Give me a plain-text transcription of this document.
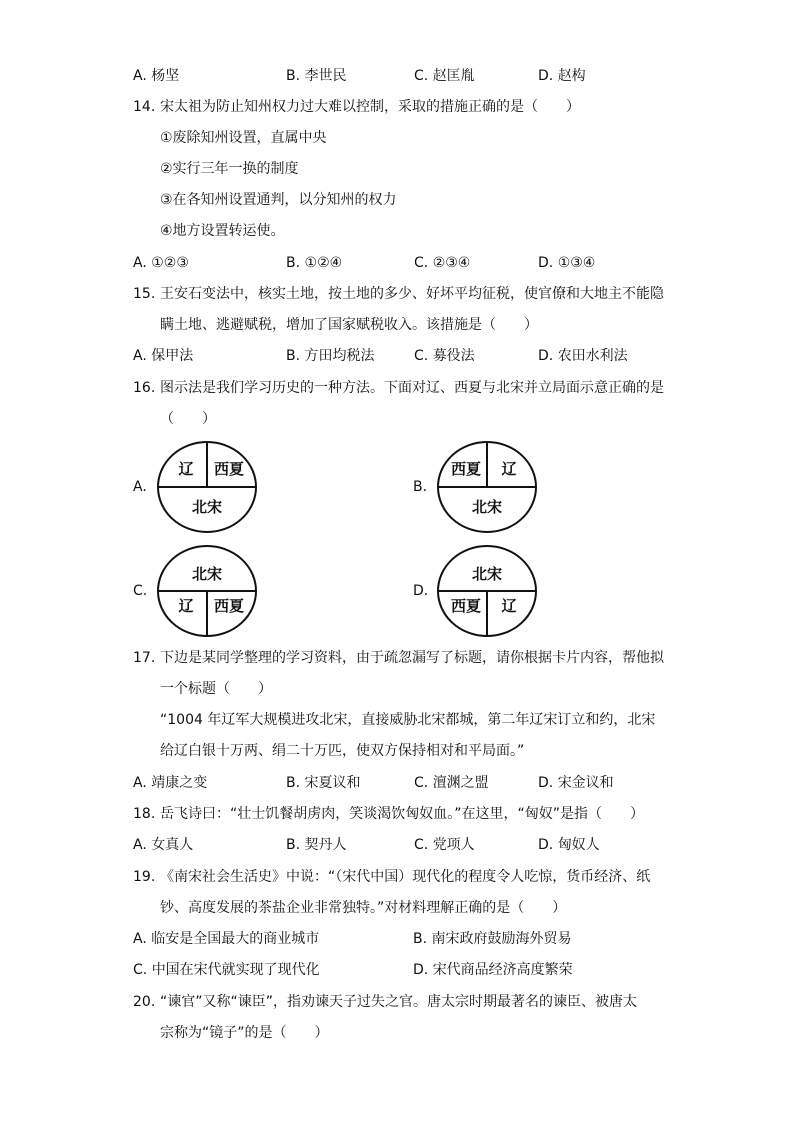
A. 杨坚	B. 李世民	C. 赵匡胤	D. 赵构
14. 宋太祖为防止知州权力过大难以控制，采取的措施正确的是（　　）
①废除知州设置，直属中央
②实行三年一换的制度
③在各知州设置通判，以分知州的权力
④地方设置转运使。
A. ①②③	B. ①②④	C. ②③④	D. ①③④
15. 王安石变法中，核实土地，按土地的多少、好坏平均征税，使官僚和大地主不能隐
瞒土地、逃避赋税，增加了国家赋税收入。该措施是（　　）
A. 保甲法	B. 方田均税法	C. 募役法	D. 农田水利法
16. 图示法是我们学习历史的一种方法。下面对辽、西夏与北宋并立局面示意正确的是
（　　）
A.
辽 西夏
北宋
B.
西夏 辽
北宋
C.
北宋
辽 西夏
D.
北宋
西夏 辽
17. 下边是某同学整理的学习资料，由于疏忽漏写了标题，请你根据卡片内容，帮他拟
一个标题（　　）
“1004 年辽军大规模进攻北宋，直接威胁北宋都城，第二年辽宋订立和约，北宋
给辽白银十万两、绢二十万匹，使双方保持相对和平局面。”
A. 靖康之变	B. 宋夏议和	C. 澶渊之盟	D. 宋金议和
18. 岳飞诗曰：“壮士饥餐胡虏肉，笑谈渴饮匈奴血。”在这里，“匈奴”是指（　　）
A. 女真人	B. 契丹人	C. 党项人	D. 匈奴人
19. 《南宋社会生活史》中说：“（宋代中国）现代化的程度令人吃惊，货币经济、纸
钞、高度发展的茶盐企业非常独特。”对材料理解正确的是（　　）
A. 临安是全国最大的商业城市	B. 南宋政府鼓励海外贸易
C. 中国在宋代就实现了现代化	D. 宋代商品经济高度繁荣
20. “谏官”又称“谏臣”，指劝谏天子过失之官。唐太宗时期最著名的谏臣、被唐太
宗称为“镜子”的是（　　）
